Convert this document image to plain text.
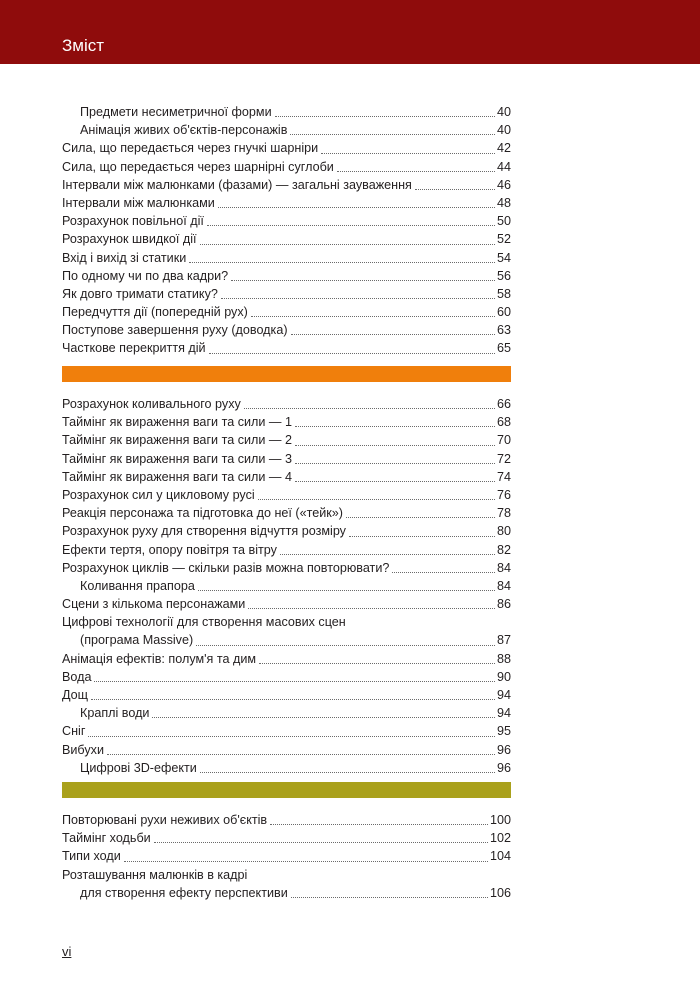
Зміст
Предмети несиметричної форми	40
Анімація живих об'єктів-персонажів	40
Сила, що передається через гнучкі шарніри	42
Сила, що передається через шарнірні суглоби	44
Інтервали між малюнками (фазами) — загальні зауваження	46
Інтервали між малюнками	48
Розрахунок повільної дії	50
Розрахунок швидкої дії	52
Вхід і вихід зі статики	54
По одному чи по два кадри?	56
Як довго тримати статику?	58
Передчуття дії (попередній рух)	60
Поступове завершення руху (доводка)	63
Часткове перекриття дій	65
Розрахунок коливального руху	66
Таймінг як вираження ваги та сили — 1	68
Таймінг як вираження ваги та сили — 2	70
Таймінг як вираження ваги та сили — 3	72
Таймінг як вираження ваги та сили — 4	74
Розрахунок сил у цикловому русі	76
Реакція персонажа та підготовка до неї («тейк»)	78
Розрахунок руху для створення відчуття розміру	80
Ефекти тертя, опору повітря та вітру	82
Розрахунок циклів — скільки разів можна повторювати?	84
Коливання прапора	84
Сцени з кількома персонажами	86
Цифрові технології для створення масових сцен
(програма Massive)	87
Анімація ефектів: полум'я та дим	88
Вода	90
Дощ	94
Краплі води	94
Сніг	95
Вибухи	96
Цифрові 3D-ефекти	96
Повторювані рухи неживих об'єктів	100
Таймінг ходьби	102
Типи ходи	104
Розташування малюнків в кадрі
для створення ефекту перспективи	106
vi
